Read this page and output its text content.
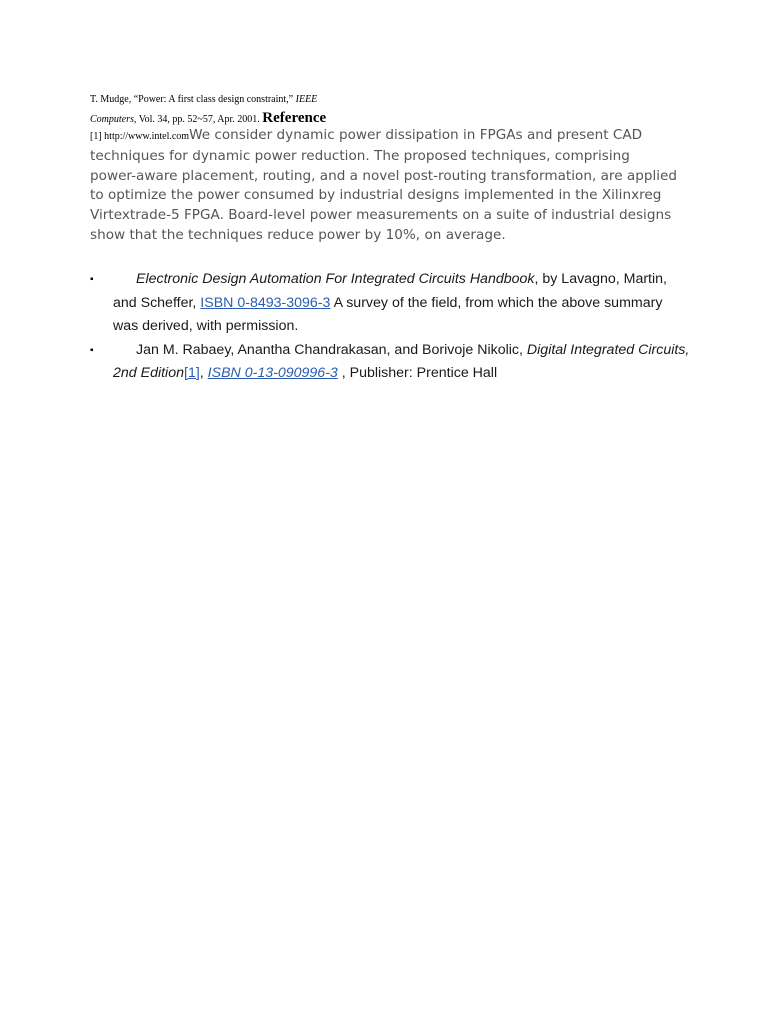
T. Mudge, “Power: A first class design constraint,” IEEE
Computers, Vol. 34, pp. 52~57, Apr. 2001. Reference
[1] http://www.intel.comWe consider dynamic power dissipation in FPGAs and present CAD techniques for dynamic power reduction. The proposed techniques, comprising power-aware placement, routing, and a novel post-routing transformation, are applied to optimize the power consumed by industrial designs implemented in the Xilinxreg Virtextrade-5 FPGA. Board-level power measurements on a suite of industrial designs show that the techniques reduce power by 10%, on average.
▪	Electronic Design Automation For Integrated Circuits Handbook, by Lavagno, Martin, and Scheffer, ISBN 0-8493-3096-3 A survey of the field, from which the above summary was derived, with permission.
▪	Jan M. Rabaey, Anantha Chandrakasan, and Borivoje Nikolic, Digital Integrated Circuits, 2nd Edition[1], ISBN 0-13-090996-3 , Publisher: Prentice Hall
